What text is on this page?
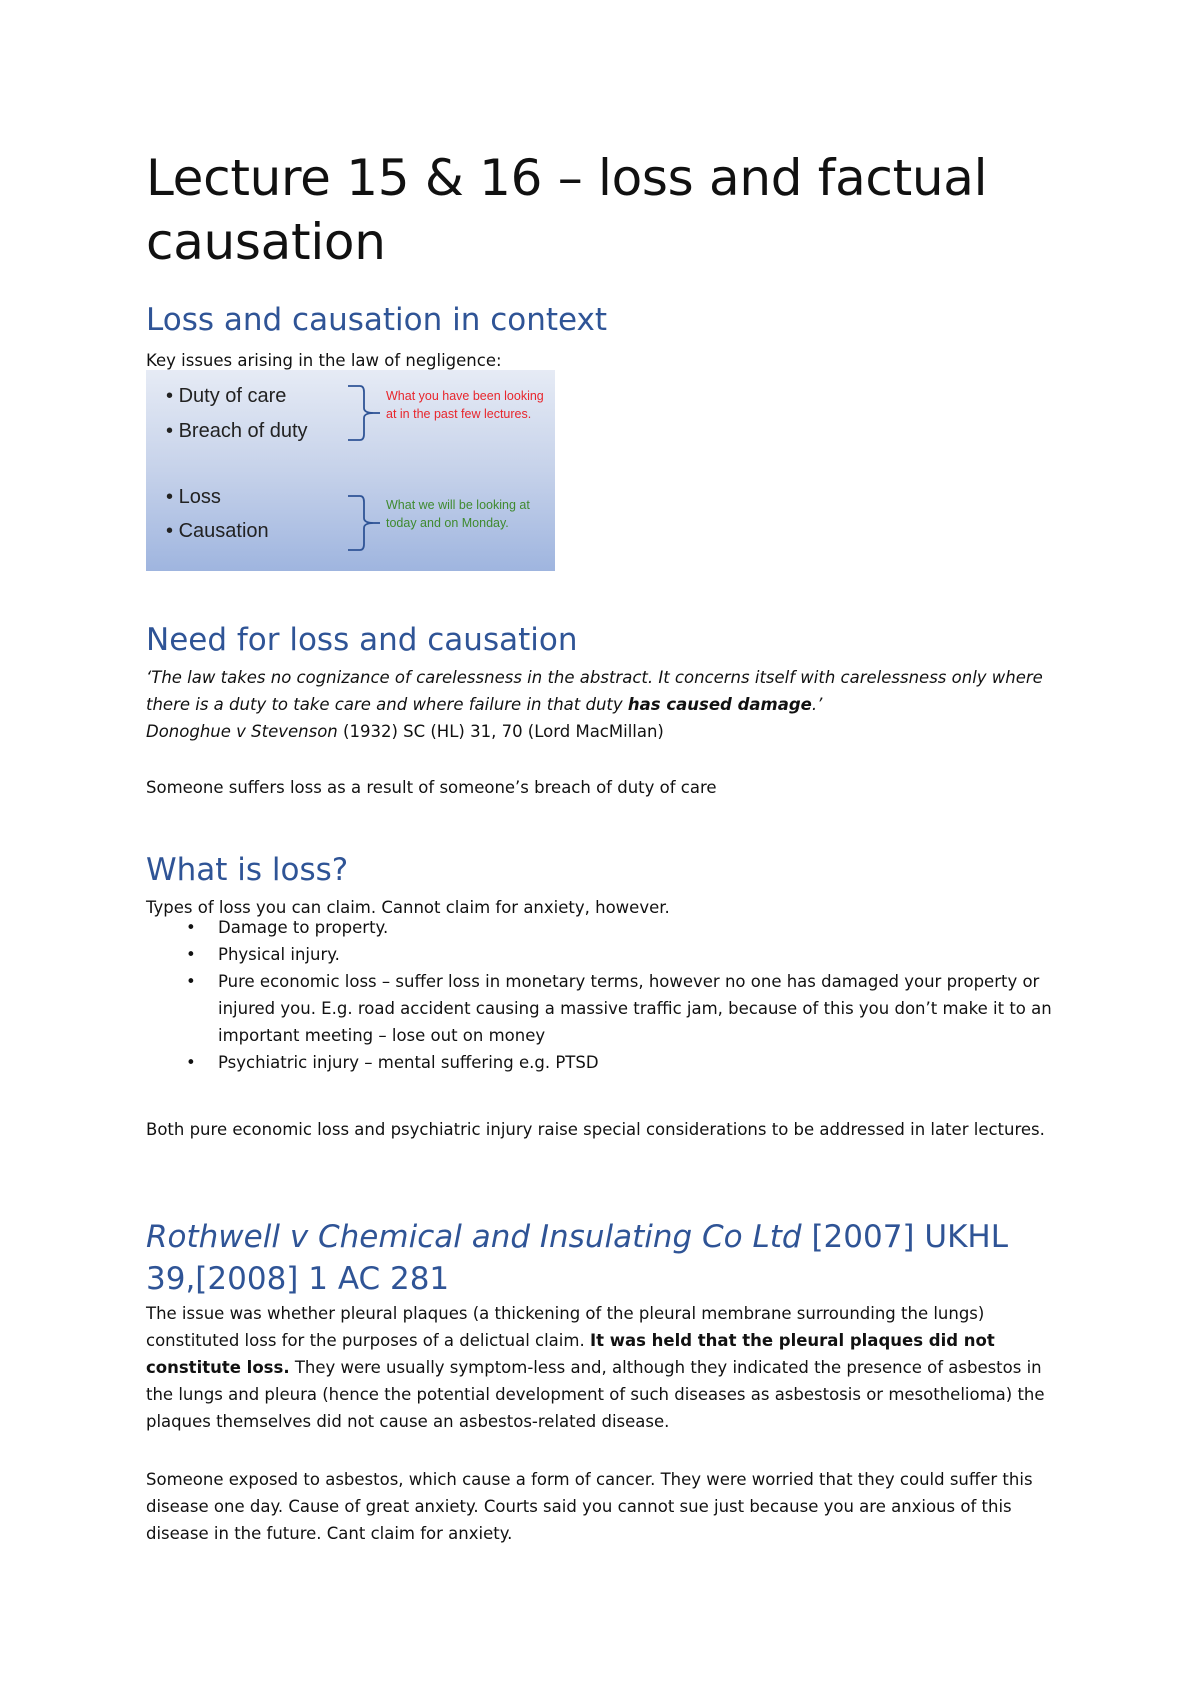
Lecture 15 & 16 – loss and factual causation
Loss and causation in context

Key issues arising in the law of negligence:

• Duty of care
• Breach of duty
What you have been looking at in the past few lectures.
• Loss
• Causation
What we will be looking at today and on Monday.
Need for loss and causation

‘The law takes no cognizance of carelessness in the abstract. It concerns itself with carelessness only where there is a duty to take care and where failure in that duty has caused damage.’

Donoghue v Stevenson (1932) SC (HL) 31, 70 (Lord MacMillan)

Someone suffers loss as a result of someone’s breach of duty of care

What is loss?

Types of loss you can claim. Cannot claim for anxiety, however.

• Damage to property.
• Physical injury.
• Pure economic loss – suffer loss in monetary terms, however no one has damaged your property or injured you. E.g. road accident causing a massive traffic jam, because of this you don’t make it to an important meeting – lose out on money
• Psychiatric injury – mental suffering e.g. PTSD

Both pure economic loss and psychiatric injury raise special considerations to be addressed in later lectures.

Rothwell v Chemical and Insulating Co Ltd [2007] UKHL 39,[2008] 1 AC 281

The issue was whether pleural plaques (a thickening of the pleural membrane surrounding the lungs) constituted loss for the purposes of a delictual claim. It was held that the pleural plaques did not constitute loss. They were usually symptom-less and, although they indicated the presence of asbestos in the lungs and pleura (hence the potential development of such diseases as asbestosis or mesothelioma) the plaques themselves did not cause an asbestos-related disease.

Someone exposed to asbestos, which cause a form of cancer. They were worried that they could suffer this disease one day. Cause of great anxiety. Courts said you cannot sue just because you are anxious of this disease in the future. Cant claim for anxiety.
